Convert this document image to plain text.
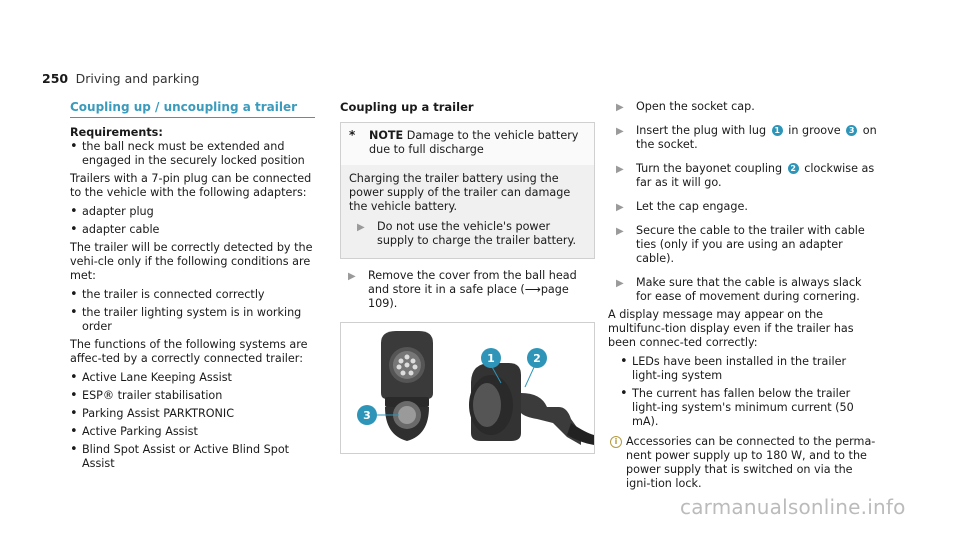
250 Driving and parking
Coupling up / uncoupling a trailer
Requirements:
• the ball neck must be extended and engaged in the securely locked position

Trailers with a 7-pin plug can be connected to the vehicle with the following adapters:

• adapter plug
• adapter cable

The trailer will be correctly detected by the vehi-cle only if the following conditions are met:

• the trailer is connected correctly
• the trailer lighting system is in working order

The functions of the following systems are affec-ted by a correctly connected trailer:

• Active Lane Keeping Assist
• ESP® trailer stabilisation
• Parking Assist PARKTRONIC
• Active Parking Assist
• Blind Spot Assist or Active Blind Spot Assist
Coupling up a trailer
*	NOTE Damage to the vehicle battery due to full discharge

Charging the trailer battery using the power supply of the trailer can damage the vehicle battery.

▶ Do not use the vehicle's power supply to charge the trailer battery.
▶ Remove the cover from the ball head and store it in a safe place (⟶page 109).
1	2
3
▶ Open the socket cap.
▶ Insert the plug with lug 1 in groove 3 on the socket.
▶ Turn the bayonet coupling 2 clockwise as far as it will go.
▶ Let the cap engage.
▶ Secure the cable to the trailer with cable ties (only if you are using an adapter cable).
▶ Make sure that the cable is always slack for ease of movement during cornering.

A display message may appear on the multifunc-tion display even if the trailer has been connec-ted correctly:

• LEDs have been installed in the trailer light-ing system
• The current has fallen below the trailer light-ing system's minimum current (50 mA).
i Accessories can be connected to the perma-nent power supply up to 180 W, and to the power supply that is switched on via the igni-tion lock.
carmanualsonline.info
